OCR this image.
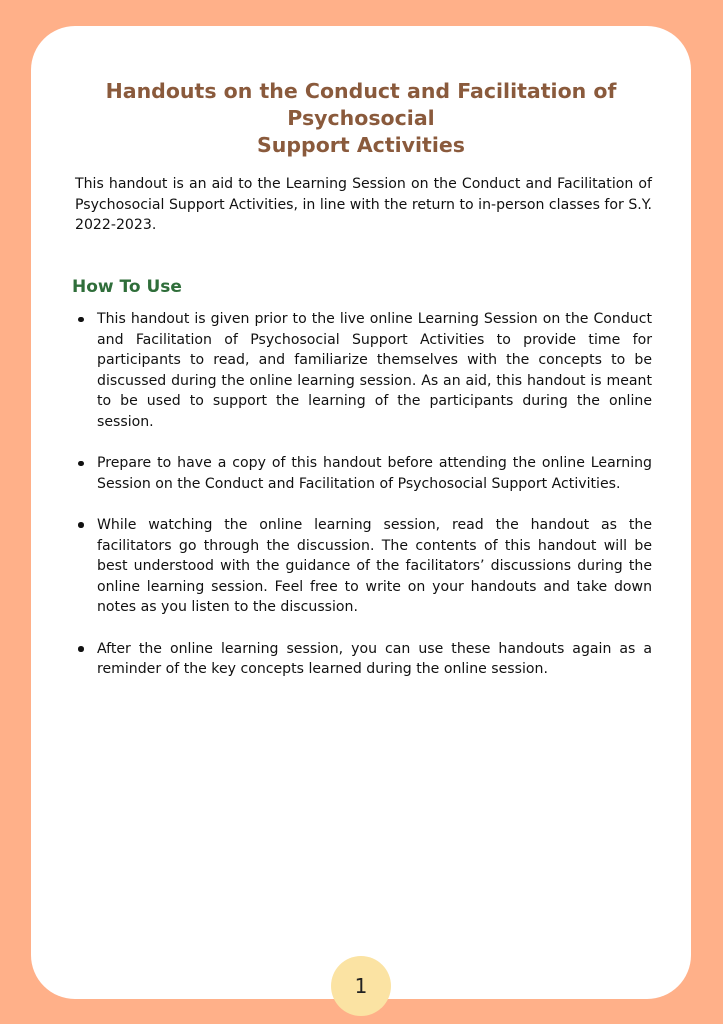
Handouts on the Conduct and Facilitation of Psychosocial
Support Activities

This handout is an aid to the Learning Session on the Conduct and Facilitation of Psychosocial Support Activities, in line with the return to in-person classes for S.Y. 2022-2023.

How To Use
This handout is given prior to the live online Learning Session on the Conduct and Facilitation of Psychosocial Support Activities to provide time for participants to read, and familiarize themselves with the concepts to be discussed during the online learning session. As an aid, this handout is meant to be used to support the learning of the participants during the online session.
Prepare to have a copy of this handout before attending the online Learning Session on the Conduct and Facilitation of Psychosocial Support Activities.
While watching the online learning session, read the handout as the facilitators go through the discussion. The contents of this handout will be best understood with the guidance of the facilitators’ discussions during the online learning session. Feel free to write on your handouts and take down notes as you listen to the discussion.
After the online learning session, you can use these handouts again as a reminder of the key concepts learned during the online session.
1
